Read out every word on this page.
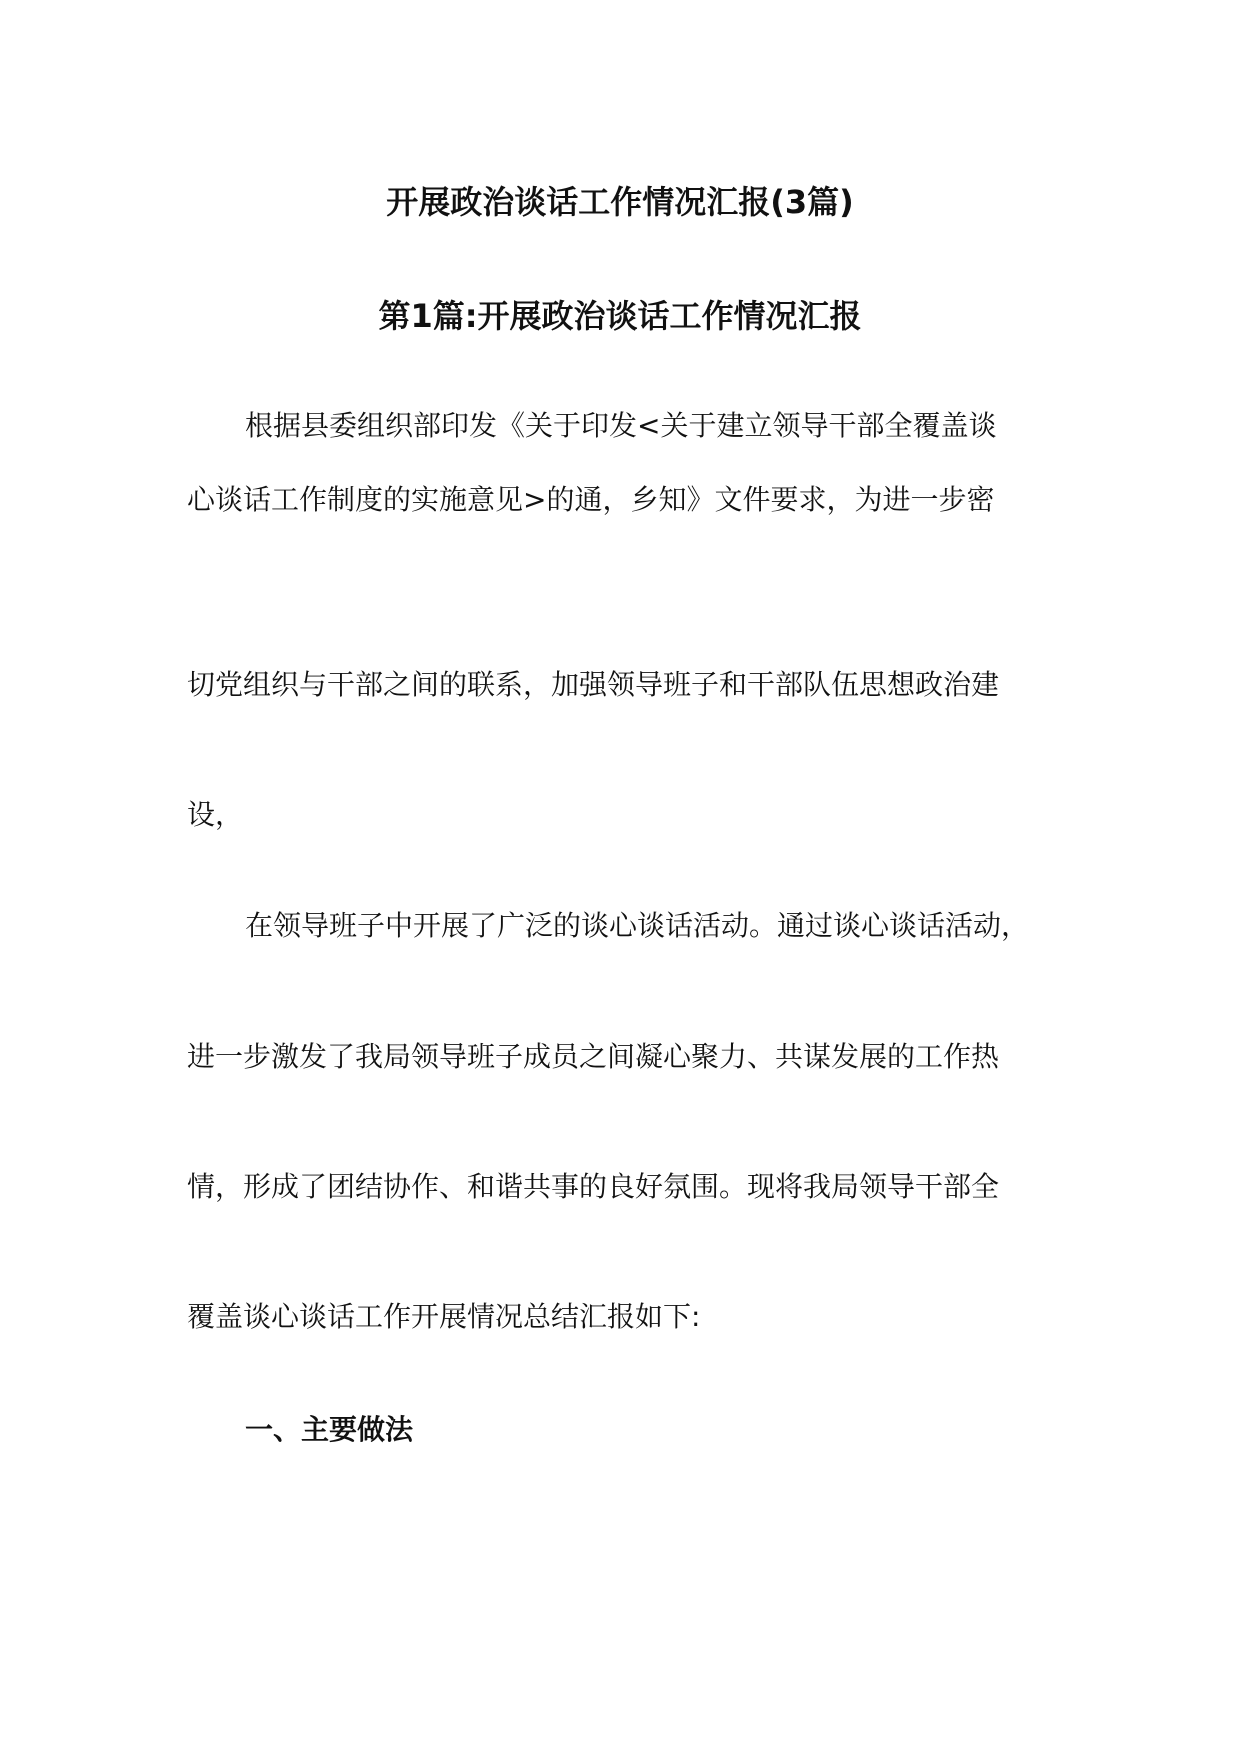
开展政治谈话工作情况汇报(3篇)
第1篇:开展政治谈话工作情况汇报
根据县委组织部印发《关于印发<关于建立领导干部全覆盖谈
心谈话工作制度的实施意见>的通，乡知》文件要求，为进一步密
切党组织与干部之间的联系，加强领导班子和干部队伍思想政治建
设，
在领导班子中开展了广泛的谈心谈话活动。通过谈心谈话活动，
进一步激发了我局领导班子成员之间凝心聚力、共谋发展的工作热
情，形成了团结协作、和谐共事的良好氛围。现将我局领导干部全
覆盖谈心谈话工作开展情况总结汇报如下:
一、主要做法
